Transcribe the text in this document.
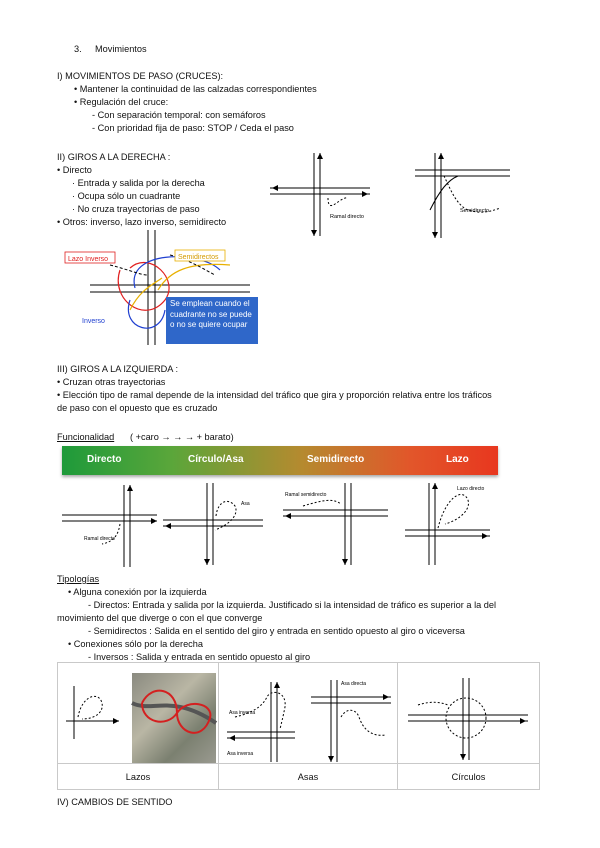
3. Movimientos
I) MOVIMIENTOS DE PASO (CRUCES):
• Mantener la continuidad de las calzadas correspondientes
• Regulación del cruce:
- Con separación temporal: con semáforos
- Con prioridad fija de paso: STOP / Ceda el paso
II) GIROS A LA DERECHA :
• Directo
· Entrada y salida por la derecha
· Ocupa sólo un cuadrante
· No cruza trayectorias de paso
• Otros: inverso, lazo inverso, semidirecto	Ramal directo
Semidirecto
Lazo Inverso	Semidirectos
Inverso
Se emplean cuando el cuadrante no se puede o no se quiere ocupar
III) GIROS A LA IZQUIERDA :
• Cruzan otras trayectorias
• Elección tipo de ramal depende de la intensidad del tráfico que gira y proporción relativa entre los tráficos
de paso con el opuesto que es cruzado
Funcionalidad ( +caro → → → + barato)
Directo	Círculo/Asa	Semidirecto	Lazo
Ramal directo
Asa
Ramal semidirecto
Lazo directo
Tipologías
• Alguna conexión por la izquierda
- Directos: Entrada y salida por la izquierda. Justificado si la intensidad de tráfico es superior a la del
movimiento del que diverge o con el que converge
- Semidirectos : Salida en el sentido del giro y entrada en sentido opuesto al giro o viceversa
• Conexiones sólo por la derecha
- Inversos : Salida y entrada en sentido opuesto al giro
Asa inversa
Asa inversa
Asa directa
Lazos	Asas	Círculos
IV) CAMBIOS DE SENTIDO
